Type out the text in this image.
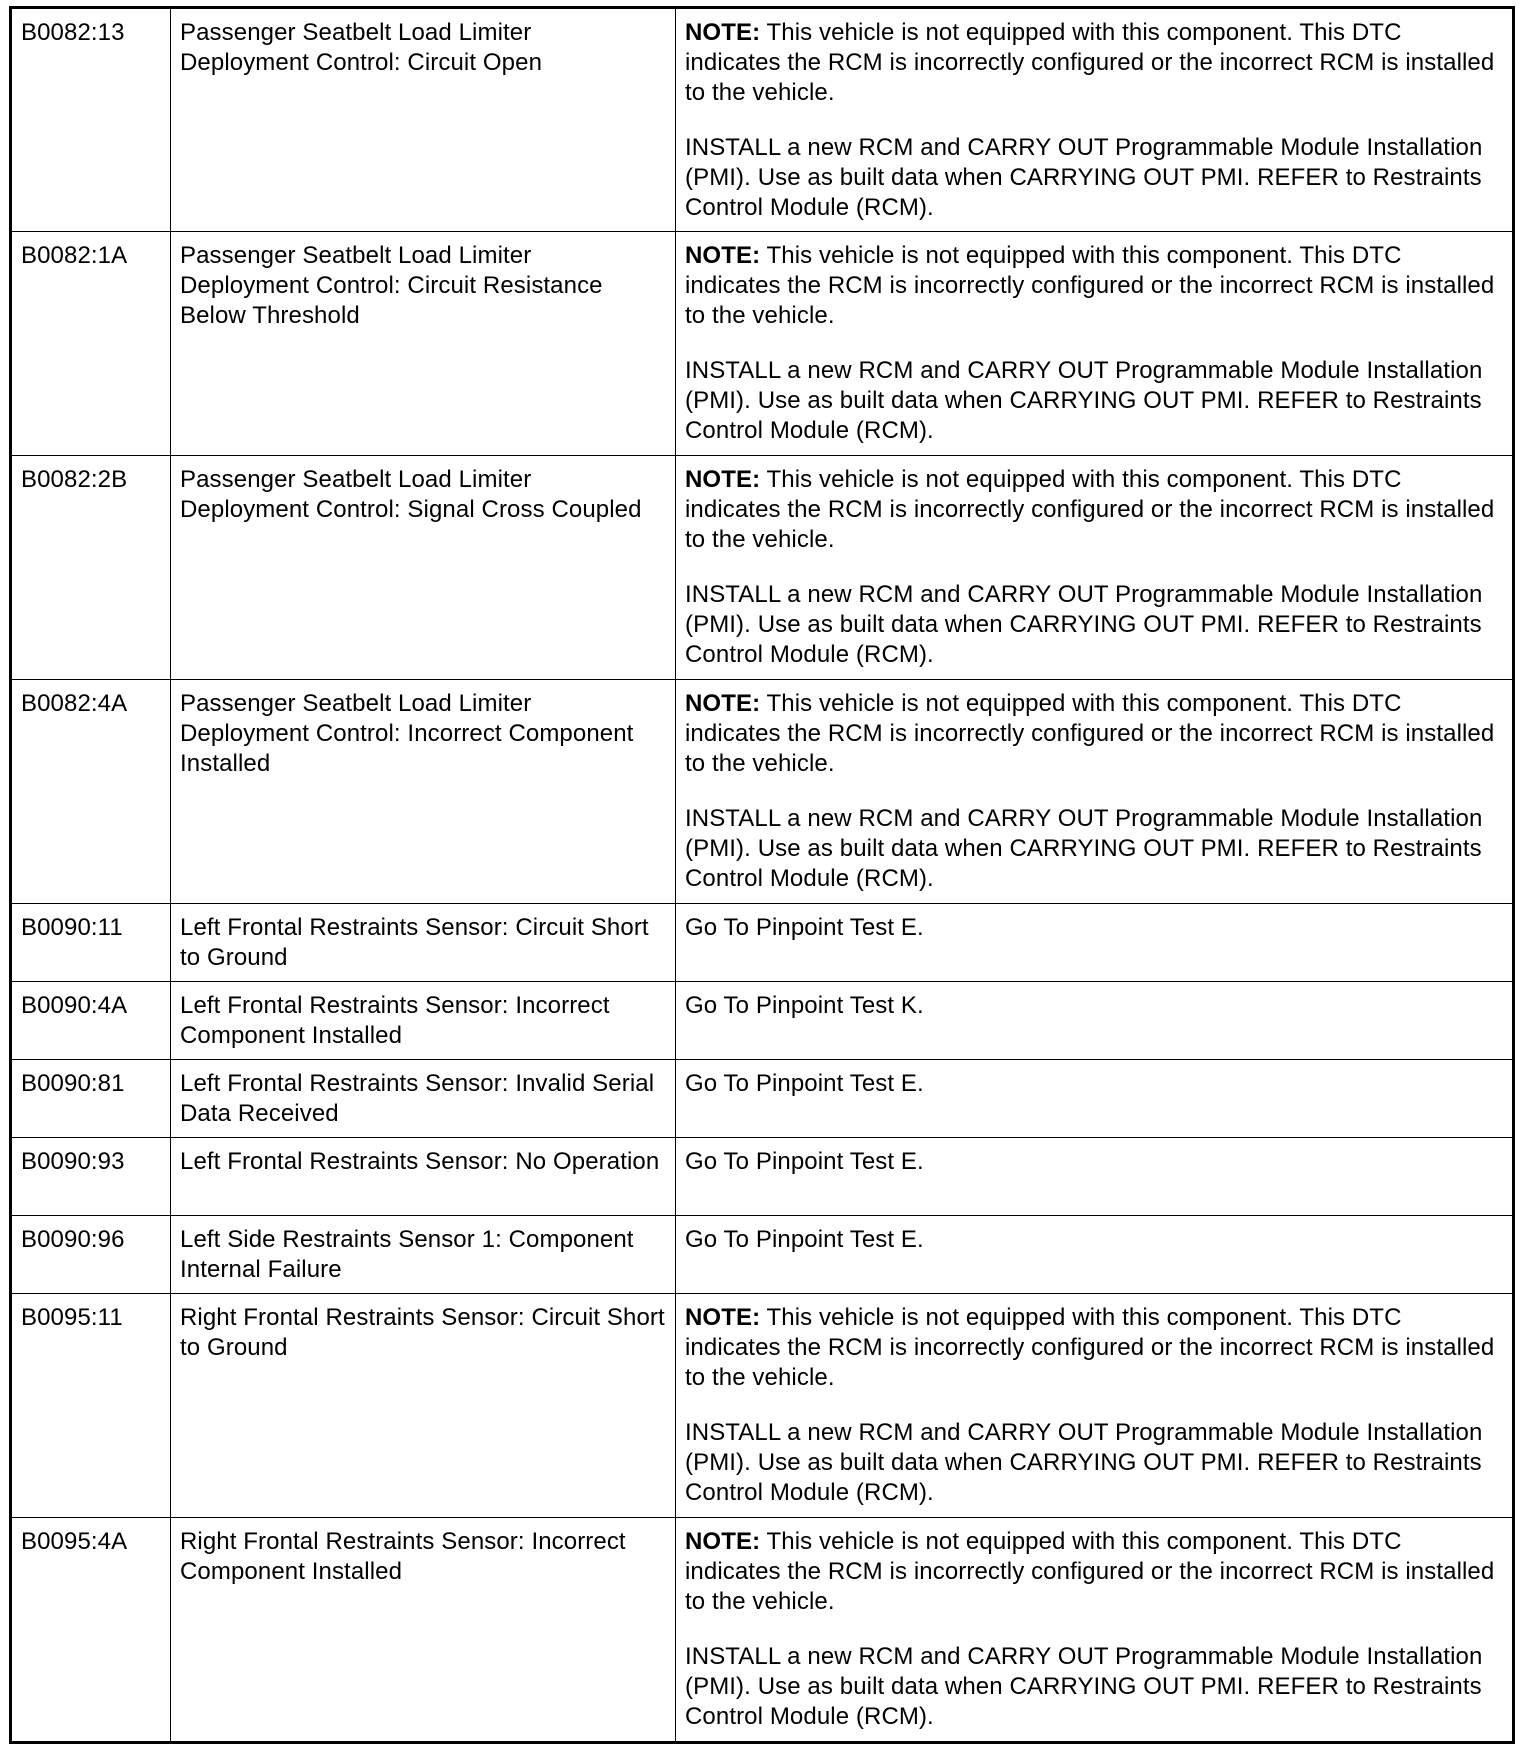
B0082:13	Passenger Seatbelt Load Limiter Deployment Control: Circuit Open	NOTE: This vehicle is not equipped with this component. This DTC indicates the RCM is incorrectly configured or the incorrect RCM is installed to the vehicle.

INSTALL a new RCM and CARRY OUT Programmable Module Installation (PMI). Use as built data when CARRYING OUT PMI. REFER to Restraints Control Module (RCM).

B0082:1A	Passenger Seatbelt Load Limiter Deployment Control: Circuit Resistance Below Threshold	NOTE: This vehicle is not equipped with this component. This DTC indicates the RCM is incorrectly configured or the incorrect RCM is installed to the vehicle.

INSTALL a new RCM and CARRY OUT Programmable Module Installation (PMI). Use as built data when CARRYING OUT PMI. REFER to Restraints Control Module (RCM).

B0082:2B	Passenger Seatbelt Load Limiter Deployment Control: Signal Cross Coupled	NOTE: This vehicle is not equipped with this component. This DTC indicates the RCM is incorrectly configured or the incorrect RCM is installed to the vehicle.

INSTALL a new RCM and CARRY OUT Programmable Module Installation (PMI). Use as built data when CARRYING OUT PMI. REFER to Restraints Control Module (RCM).

B0082:4A	Passenger Seatbelt Load Limiter Deployment Control: Incorrect Component Installed	NOTE: This vehicle is not equipped with this component. This DTC indicates the RCM is incorrectly configured or the incorrect RCM is installed to the vehicle.

INSTALL a new RCM and CARRY OUT Programmable Module Installation (PMI). Use as built data when CARRYING OUT PMI. REFER to Restraints Control Module (RCM).

B0090:11	Left Frontal Restraints Sensor: Circuit Short to Ground	Go To Pinpoint Test E.

B0090:4A	Left Frontal Restraints Sensor: Incorrect Component Installed	Go To Pinpoint Test K.

B0090:81	Left Frontal Restraints Sensor: Invalid Serial Data Received	Go To Pinpoint Test E.

B0090:93	Left Frontal Restraints Sensor: No Operation	Go To Pinpoint Test E.

B0090:96	Left Side Restraints Sensor 1: Component Internal Failure	Go To Pinpoint Test E.

B0095:11	Right Frontal Restraints Sensor: Circuit Short to Ground	NOTE: This vehicle is not equipped with this component. This DTC indicates the RCM is incorrectly configured or the incorrect RCM is installed to the vehicle.

INSTALL a new RCM and CARRY OUT Programmable Module Installation (PMI). Use as built data when CARRYING OUT PMI. REFER to Restraints Control Module (RCM).

B0095:4A	Right Frontal Restraints Sensor: Incorrect Component Installed	NOTE: This vehicle is not equipped with this component. This DTC indicates the RCM is incorrectly configured or the incorrect RCM is installed to the vehicle.

INSTALL a new RCM and CARRY OUT Programmable Module Installation (PMI). Use as built data when CARRYING OUT PMI. REFER to Restraints Control Module (RCM).
